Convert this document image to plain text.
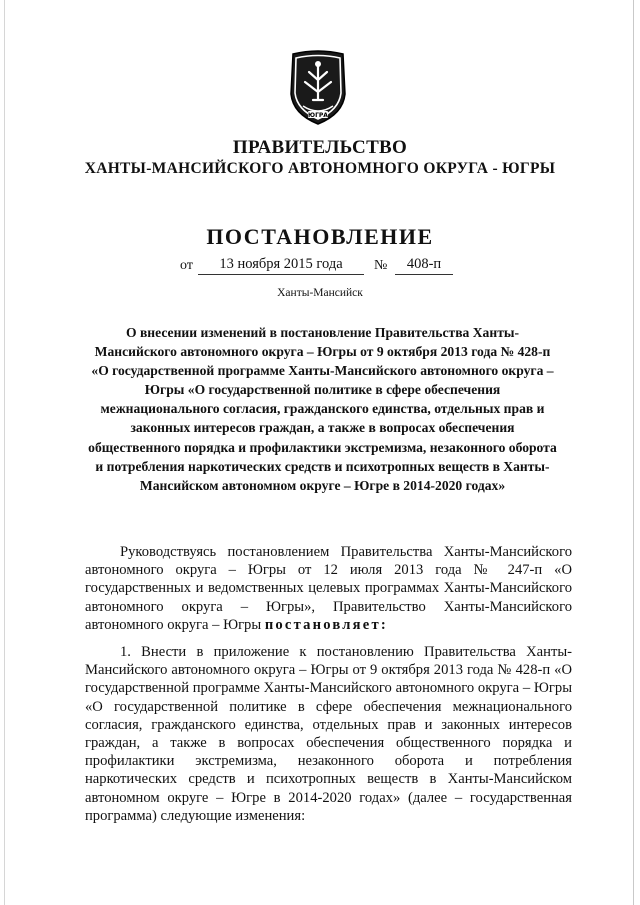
ЮГРА
ПРАВИТЕЛЬСТВО
ХАНТЫ-МАНСИЙСКОГО АВТОНОМНОГО ОКРУГА - ЮГРЫ
ПОСТАНОВЛЕНИЕ
от	13 ноября 2015 года	№	408-п
Ханты-Мансийск
О внесении изменений в постановление Правительства Ханты-Мансийского автономного округа – Югры от 9 октября 2013 года № 428-п «О государственной программе Ханты-Мансийского автономного округа – Югры «О государственной политике в сфере обеспечения межнационального согласия, гражданского единства, отдельных прав и законных интересов граждан, а также в вопросах обеспечения общественного порядка и профилактики экстремизма, незаконного оборота и потребления наркотических средств и психотропных веществ в Ханты-Мансийском автономном округе – Югре в 2014-2020 годах»
Руководствуясь постановлением Правительства Ханты-Мансийского автономного округа – Югры от 12 июля 2013 года № 247-п «О государственных и ведомственных целевых программах Ханты-Мансийского автономного округа – Югры», Правительство Ханты-Мансийского автономного округа – Югры постановляет:
1. Внести в приложение к постановлению Правительства Ханты-Мансийского автономного округа – Югры от 9 октября 2013 года № 428-п «О государственной программе Ханты-Мансийского автономного округа – Югры «О государственной политике в сфере обеспечения межнационального согласия, гражданского единства, отдельных прав и законных интересов граждан, а также в вопросах обеспечения общественного порядка и профилактики экстремизма, незаконного оборота и потребления наркотических средств и психотропных веществ в Ханты-Мансийском автономном округе – Югре в 2014-2020 годах» (далее – государственная программа) следующие изменения:
